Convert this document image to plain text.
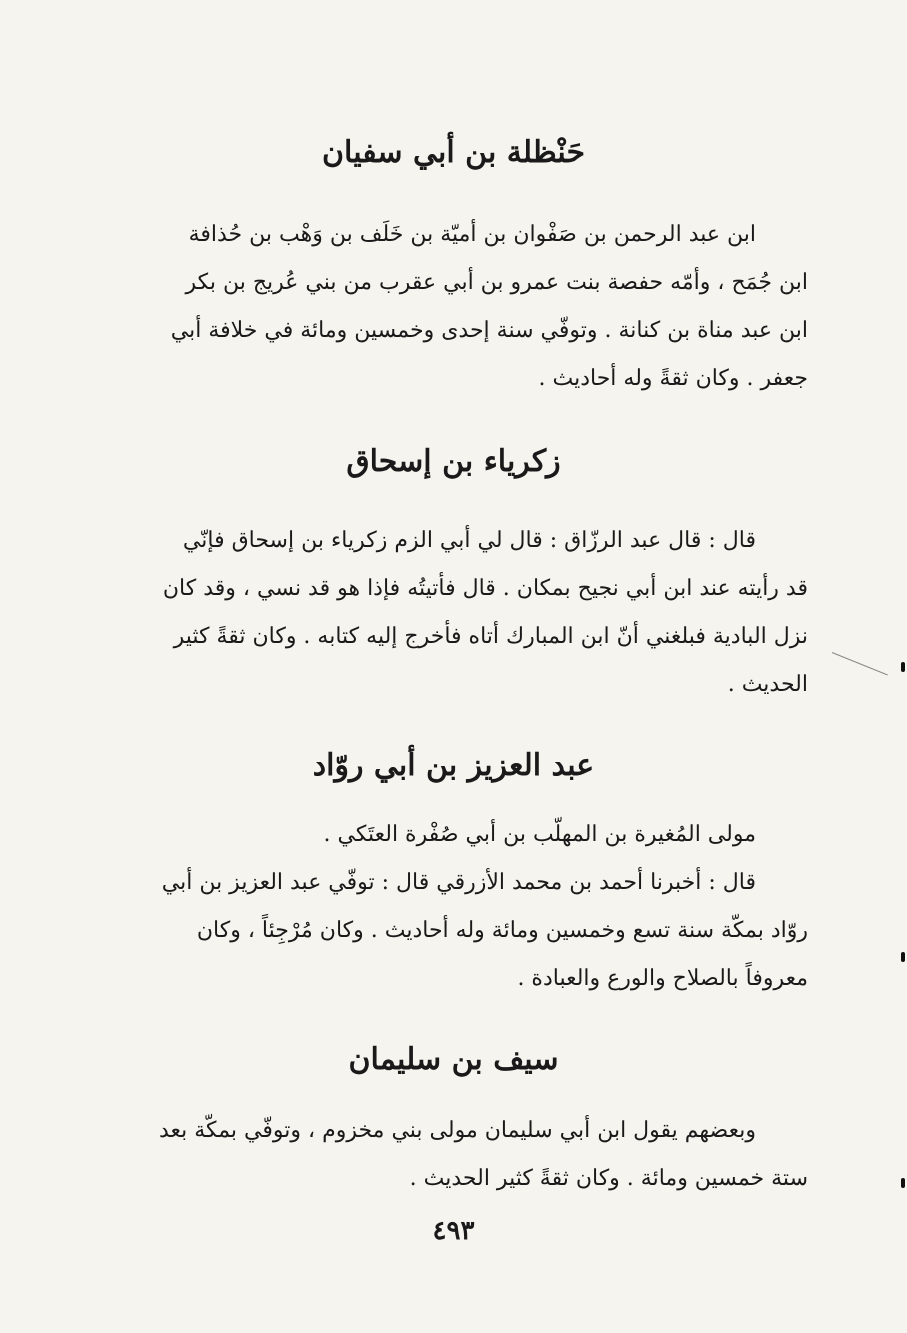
حَنْظلة بن أبي سفيان
ابن عبد الرحمن بن صَفْوان بن أميّة بن خَلَف بن وَهْب بن حُذافة
ابن جُمَح ، وأمّه حفصة بنت عمرو بن أبي عقرب من بني عُريج بن بكر
ابن عبد مناة بن كنانة . وتوفّي سنة إحدى وخمسين ومائة في خلافة أبي
جعفر . وكان ثقةً وله أحاديث .
زكرياء بن إسحاق
قال : قال عبد الرزّاق : قال لي أبي الزم زكرياء بن إسحاق فإنّي
قد رأيته عند ابن أبي نجيح بمكان . قال فأتيتُه فإذا هو قد نسي ، وقد كان
نزل البادية فبلغني أنّ ابن المبارك أتاه فأخرج إليه كتابه . وكان ثقةً كثير
الحديث .
عبد العزيز بن أبي روّاد
مولى المُغيرة بن المهلّب بن أبي صُفْرة العتَكي .
قال : أخبرنا أحمد بن محمد الأزرقي قال : توفّي عبد العزيز بن أبي
روّاد بمكّة سنة تسع وخمسين ومائة وله أحاديث . وكان مُرْجِئاً ، وكان
معروفاً بالصلاح والورع والعبادة .
سيف بن سليمان
وبعضهم يقول ابن أبي سليمان مولى بني مخزوم ، وتوفّي بمكّة بعد
ستة خمسين ومائة . وكان ثقةً كثير الحديث .
٤٩٣
